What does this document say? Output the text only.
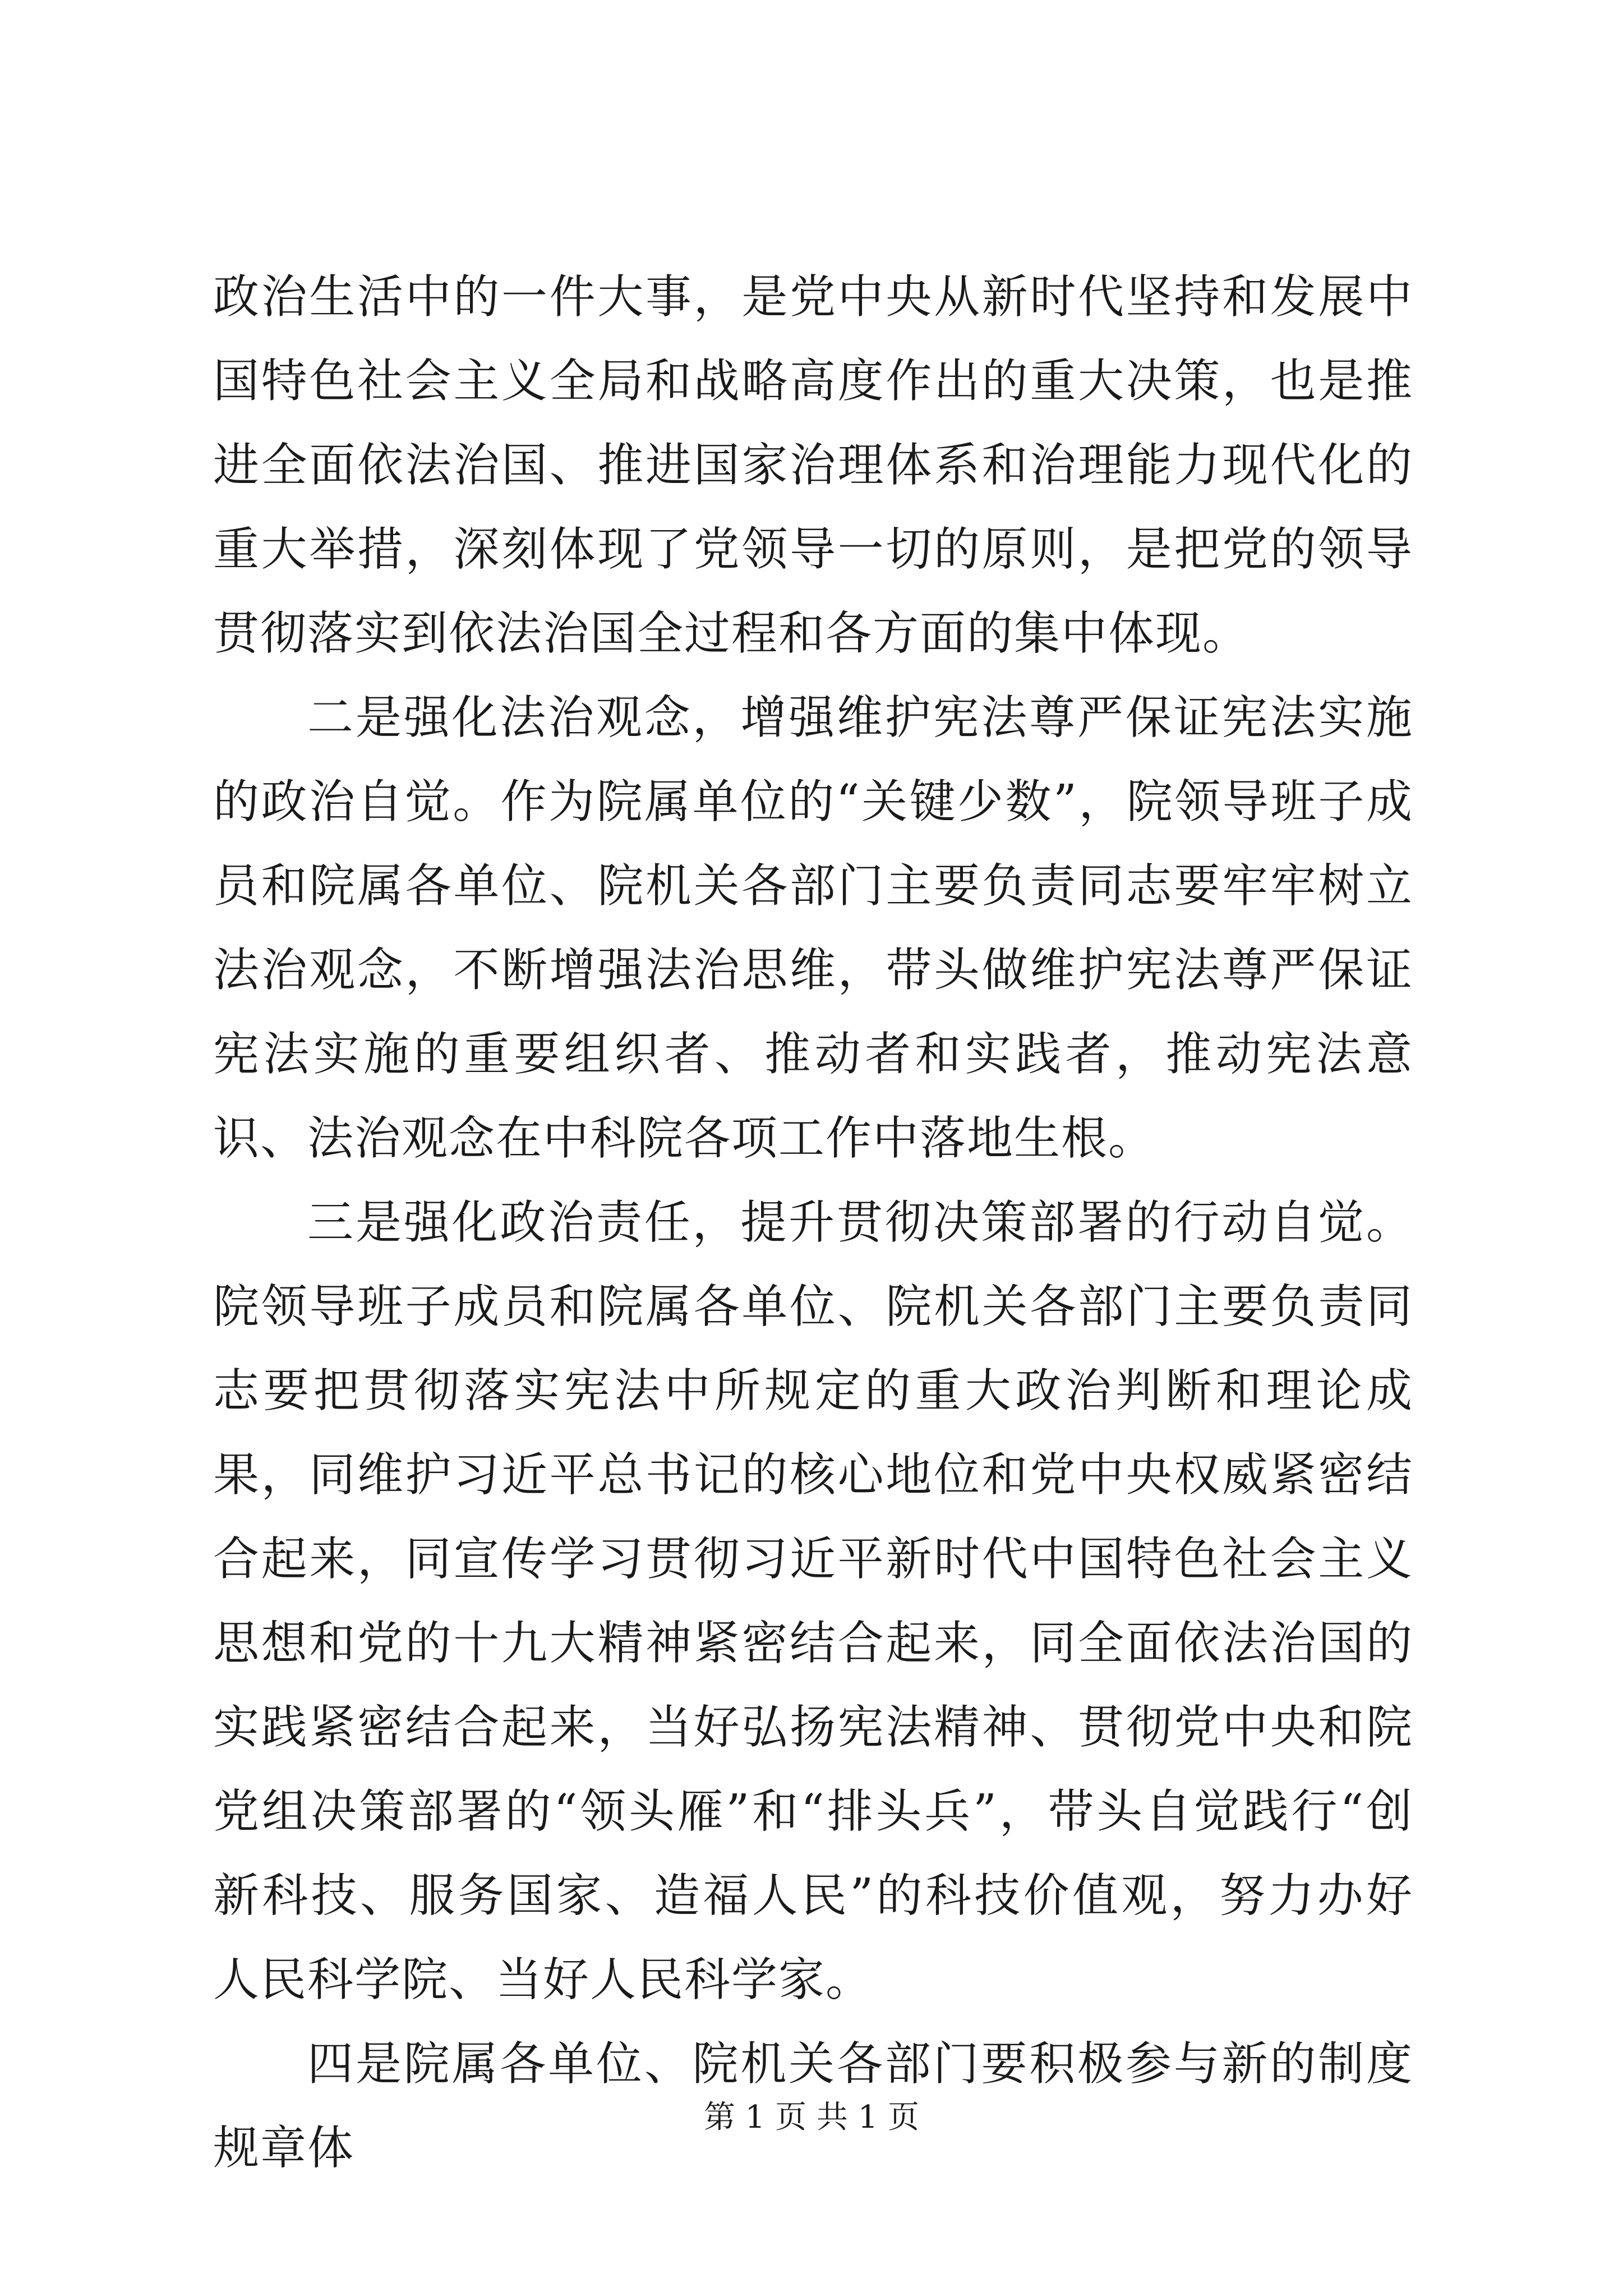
政治生活中的一件大事，是党中央从新时代坚持和发展中国特色社会主义全局和战略高度作出的重大决策，也是推进全面依法治国、推进国家治理体系和治理能力现代化的重大举措，深刻体现了党领导一切的原则，是把党的领导贯彻落实到依法治国全过程和各方面的集中体现。

二是强化法治观念，增强维护宪法尊严保证宪法实施的政治自觉。作为院属单位的“关键少数”，院领导班子成员和院属各单位、院机关各部门主要负责同志要牢牢树立法治观念，不断增强法治思维，带头做维护宪法尊严保证宪法实施的重要组织者、推动者和实践者，推动宪法意识、法治观念在中科院各项工作中落地生根。

三是强化政治责任，提升贯彻决策部署的行动自觉。院领导班子成员和院属各单位、院机关各部门主要负责同志要把贯彻落实宪法中所规定的重大政治判断和理论成果，同维护习近平总书记的核心地位和党中央权威紧密结合起来，同宣传学习贯彻习近平新时代中国特色社会主义思想和党的十九大精神紧密结合起来，同全面依法治国的实践紧密结合起来，当好弘扬宪法精神、贯彻党中央和院党组决策部署的“领头雁”和“排头兵”，带头自觉践行“创新科技、服务国家、造福人民”的科技价值观，努力办好人民科学院、当好人民科学家。

四是院属各单位、院机关各部门要积极参与新的制度规章体

第 1 页 共 1 页
